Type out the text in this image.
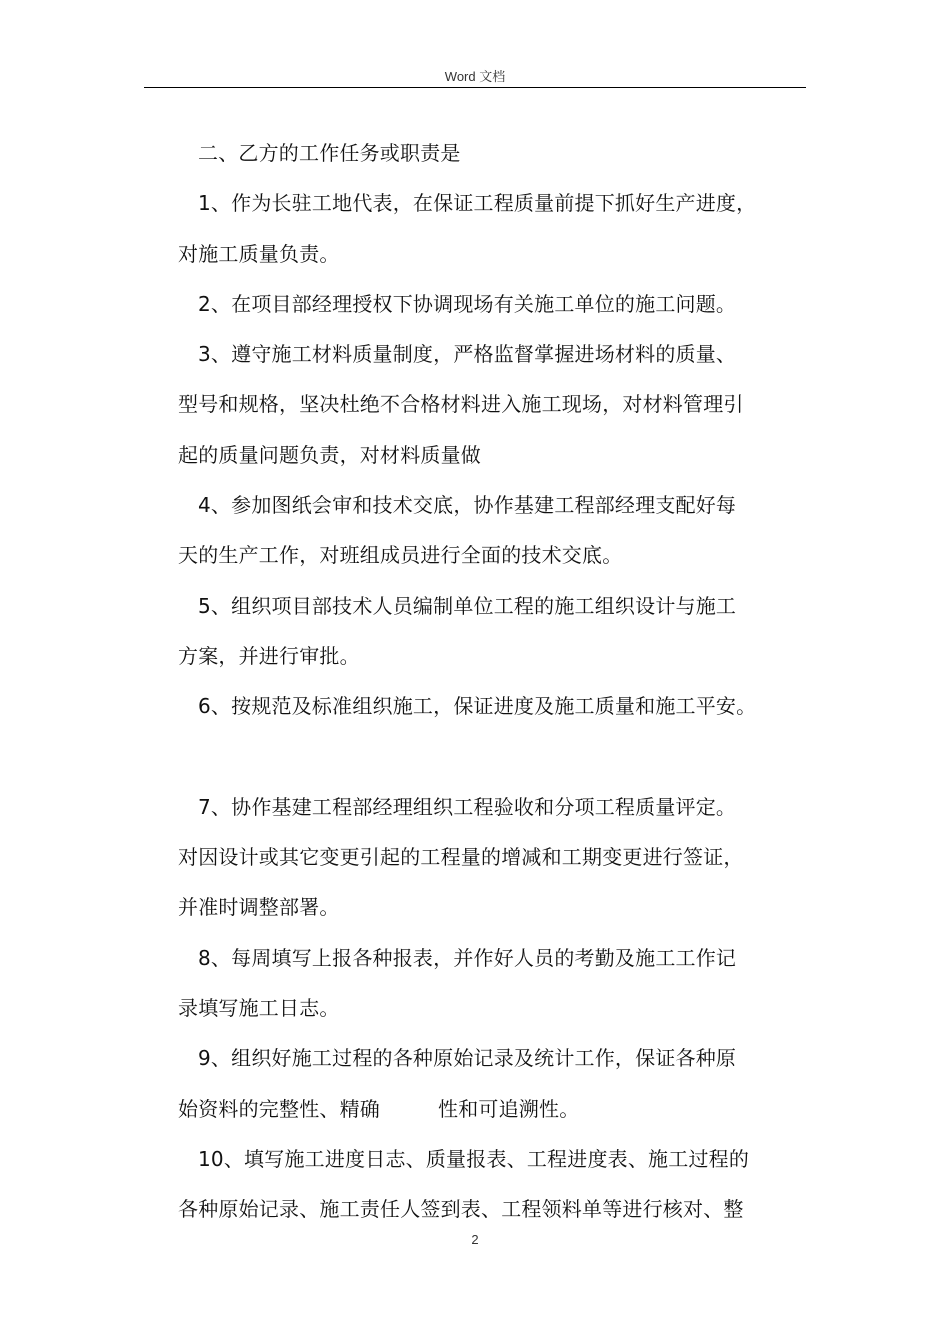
Word 文档
二、乙方的工作任务或职责是
1、作为长驻工地代表，在保证工程质量前提下抓好生产进度，
对施工质量负责。
2、在项目部经理授权下协调现场有关施工单位的施工问题。
3、遵守施工材料质量制度，严格监督掌握进场材料的质量、
型号和规格，坚决杜绝不合格材料进入施工现场，对材料管理引
起的质量问题负责，对材料质量做
4、参加图纸会审和技术交底，协作基建工程部经理支配好每
天的生产工作，对班组成员进行全面的技术交底。
5、组织项目部技术人员编制单位工程的施工组织设计与施工
方案，并进行审批。
6、按规范及标准组织施工，保证进度及施工质量和施工平安。
7、协作基建工程部经理组织工程验收和分项工程质量评定。
对因设计或其它变更引起的工程量的增减和工期变更进行签证，
并准时调整部署。
8、每周填写上报各种报表，并作好人员的考勤及施工工作记
录填写施工日志。
9、组织好施工过程的各种原始记录及统计工作，保证各种原
始资料的完整性、精确	性和可追溯性。
10、填写施工进度日志、质量报表、工程进度表、施工过程的
各种原始记录、施工责任人签到表、工程领料单等进行核对、整
2
